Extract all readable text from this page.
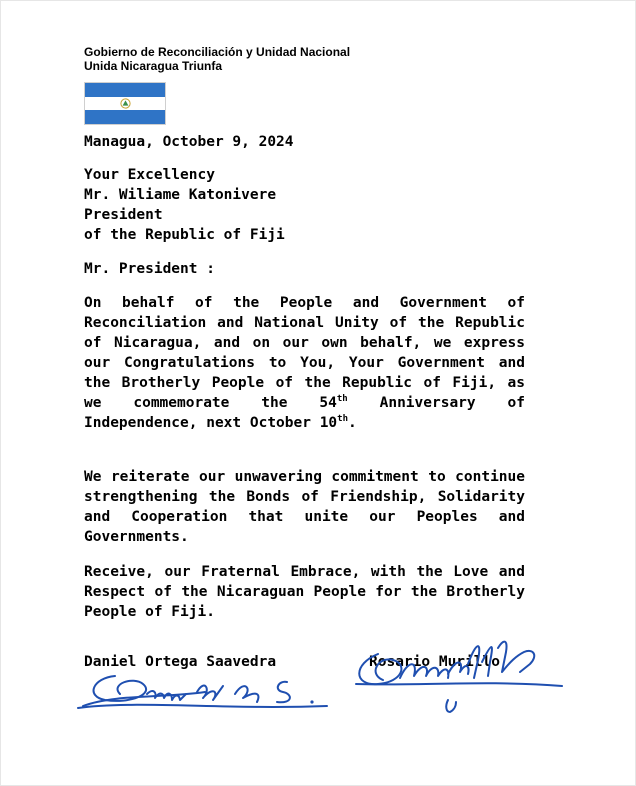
Gobierno de Reconciliación y Unidad Nacional
Unida Nicaragua Triunfa
Managua, October 9, 2024
Your Excellency
Mr. Wiliame Katonivere
President
of the Republic of Fiji
Mr. President :
On behalf of the People and Government of Reconciliation and National Unity of the Republic of Nicaragua, and on our own behalf, we express our Congratulations to You, Your Government and the Brotherly People of the Republic of Fiji, as we commemorate the 54th Anniversary of Independence, next October 10th.
We reiterate our unwavering commitment to continue strengthening the Bonds of Friendship, Solidarity and Cooperation that unite our Peoples and Governments.
Receive, our Fraternal Embrace, with the Love and Respect of the Nicaraguan People for the Brotherly People of Fiji.
Daniel Ortega Saavedra	Rosario Murillo
